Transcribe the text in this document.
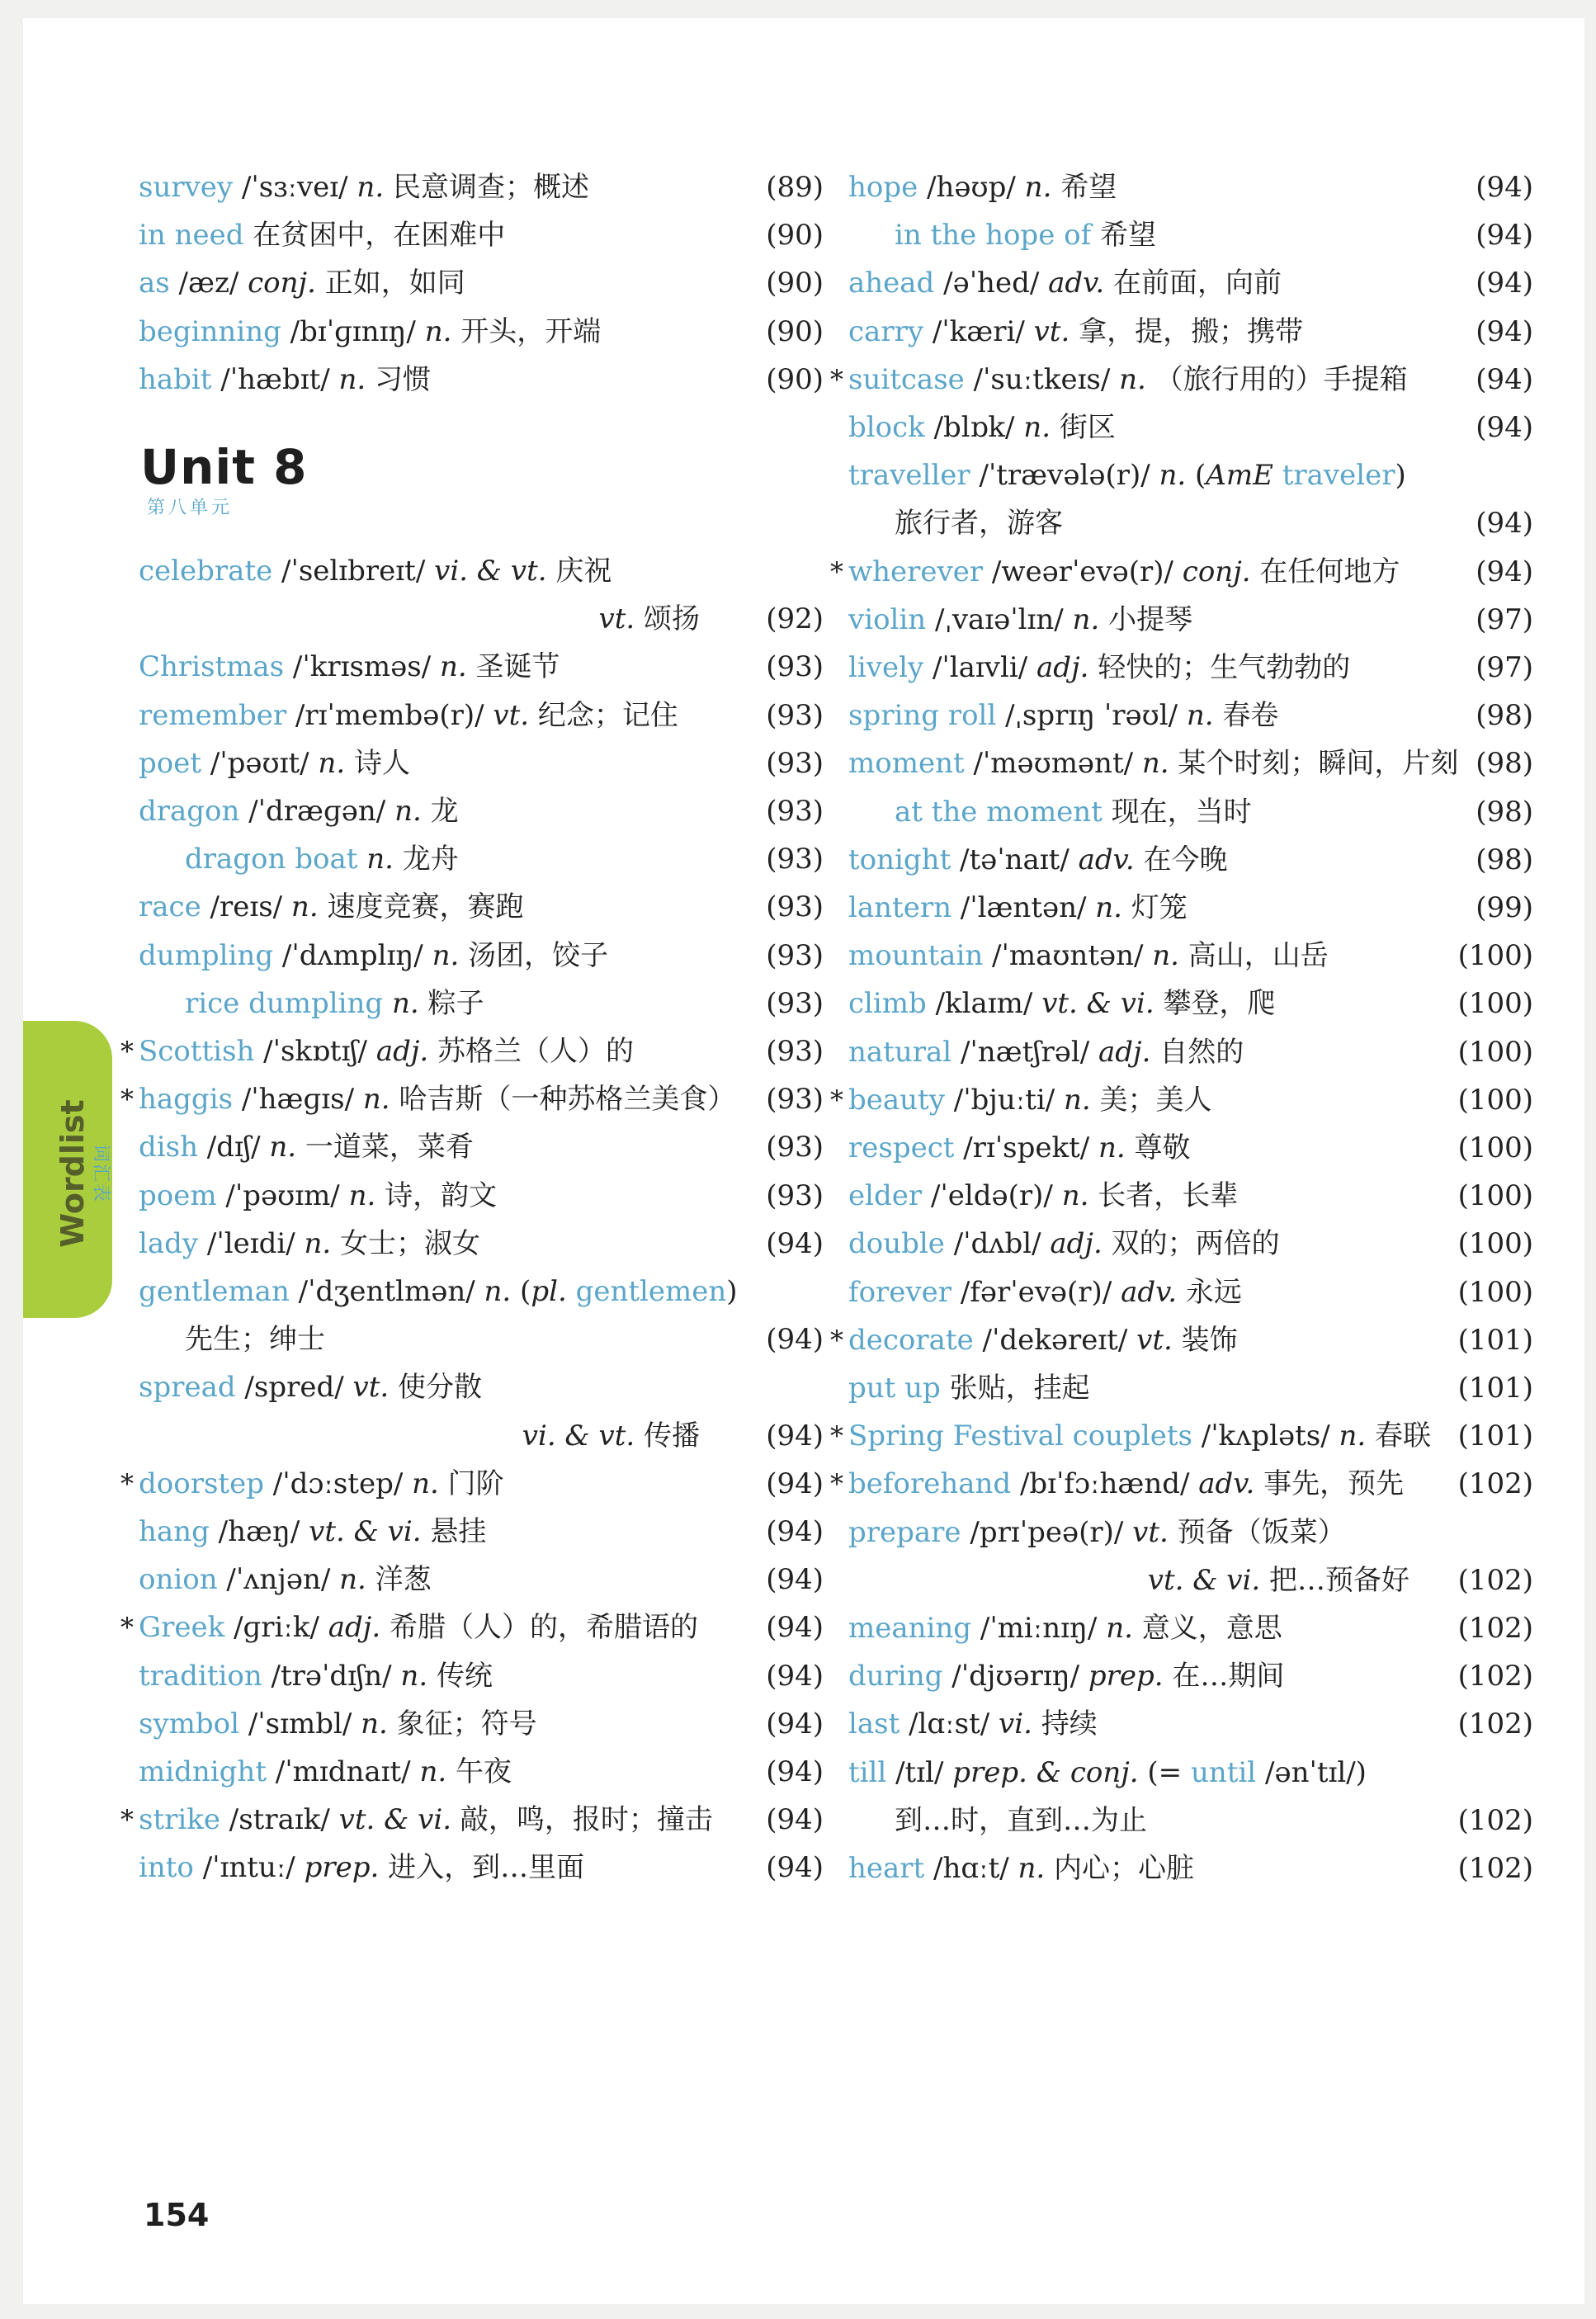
Unit 8
第八单元
Wordlist 词汇表
survey /ˈsɜːveɪ/ n. 民意调查；概述	(89)
in need 在贫困中，在困难中	(90)
as /æz/ conj. 正如，如同	(90)
beginning /bɪˈɡɪnɪŋ/ n. 开头，开端	(90)
habit /ˈhæbɪt/ n. 习惯	(90)
celebrate /ˈselɪbreɪt/ vi. & vt. 庆祝
vt. 颂扬 (92)
Christmas /ˈkrɪsməs/ n. 圣诞节	(93)
remember /rɪˈmembə(r)/ vt. 纪念；记住	(93)
poet /ˈpəʊɪt/ n. 诗人	(93)
dragon /ˈdræɡən/ n. 龙	(93)
dragon boat n. 龙舟	(93)
race /reɪs/ n. 速度竞赛，赛跑	(93)
dumpling /ˈdʌmplɪŋ/ n. 汤团，饺子	(93)
rice dumpling n. 粽子	(93)
* Scottish /ˈskɒtɪʃ/ adj. 苏格兰（人）的	(93)
* haggis /ˈhæɡɪs/ n. 哈吉斯（一种苏格兰美食） (93)
dish /dɪʃ/ n. 一道菜，菜肴	(93)
poem /ˈpəʊɪm/ n. 诗，韵文	(93)
lady /ˈleɪdi/ n. 女士；淑女	(94)
gentleman /ˈdʒentlmən/ n. (pl. gentlemen)
先生；绅士	(94)
spread /spred/ vt. 使分散
vi. & vt. 传播 (94)
* doorstep /ˈdɔːstep/ n. 门阶	(94)
hang /hæŋ/ vt. & vi. 悬挂	(94)
onion /ˈʌnjən/ n. 洋葱	(94)
* Greek /ɡriːk/ adj. 希腊（人）的，希腊语的 (94)
tradition /trəˈdɪʃn/ n. 传统	(94)
symbol /ˈsɪmbl/ n. 象征；符号	(94)
midnight /ˈmɪdnaɪt/ n. 午夜	(94)
* strike /straɪk/ vt. & vi. 敲，鸣，报时；撞击 (94)
into /ˈɪntuː/ prep. 进入，到…里面	(94)
hope /həʊp/ n. 希望	(94)
in the hope of 希望	(94)
ahead /əˈhed/ adv. 在前面，向前	(94)
carry /ˈkæri/ vt. 拿，提，搬；携带	(94)
* suitcase /ˈsuːtkeɪs/ n. （旅行用的）手提箱 (94)
block /blɒk/ n. 街区	(94)
traveller /ˈtrævələ(r)/ n. (AmE traveler)
旅行者，游客	(94)
* wherever /weərˈevə(r)/ conj. 在任何地方	(94)
violin /ˌvaɪəˈlɪn/ n. 小提琴	(97)
lively /ˈlaɪvli/ adj. 轻快的；生气勃勃的	(97)
spring roll /ˌsprɪŋ ˈrəʊl/ n. 春卷	(98)
moment /ˈməʊmənt/ n. 某个时刻；瞬间，片刻 (98)
at the moment 现在，当时	(98)
tonight /təˈnaɪt/ adv. 在今晚	(98)
lantern /ˈlæntən/ n. 灯笼	(99)
mountain /ˈmaʊntən/ n. 高山，山岳	(100)
climb /klaɪm/ vt. & vi. 攀登，爬	(100)
natural /ˈnætʃrəl/ adj. 自然的	(100)
* beauty /ˈbjuːti/ n. 美；美人	(100)
respect /rɪˈspekt/ n. 尊敬	(100)
elder /ˈeldə(r)/ n. 长者，长辈	(100)
double /ˈdʌbl/ adj. 双的；两倍的	(100)
forever /fərˈevə(r)/ adv. 永远	(100)
* decorate /ˈdekəreɪt/ vt. 装饰	(101)
put up 张贴，挂起	(101)
* Spring Festival couplets /ˈkʌpləts/ n. 春联 (101)
* beforehand /bɪˈfɔːhænd/ adv. 事先，预先 (102)
prepare /prɪˈpeə(r)/ vt. 预备（饭菜）
vt. & vi. 把…预备好 (102)
meaning /ˈmiːnɪŋ/ n. 意义，意思	(102)
during /ˈdjʊərɪŋ/ prep. 在…期间	(102)
last /lɑːst/ vi. 持续	(102)
till /tɪl/ prep. & conj. (= until /ənˈtɪl/)
到…时，直到…为止	(102)
heart /hɑːt/ n. 内心；心脏	(102)
154
